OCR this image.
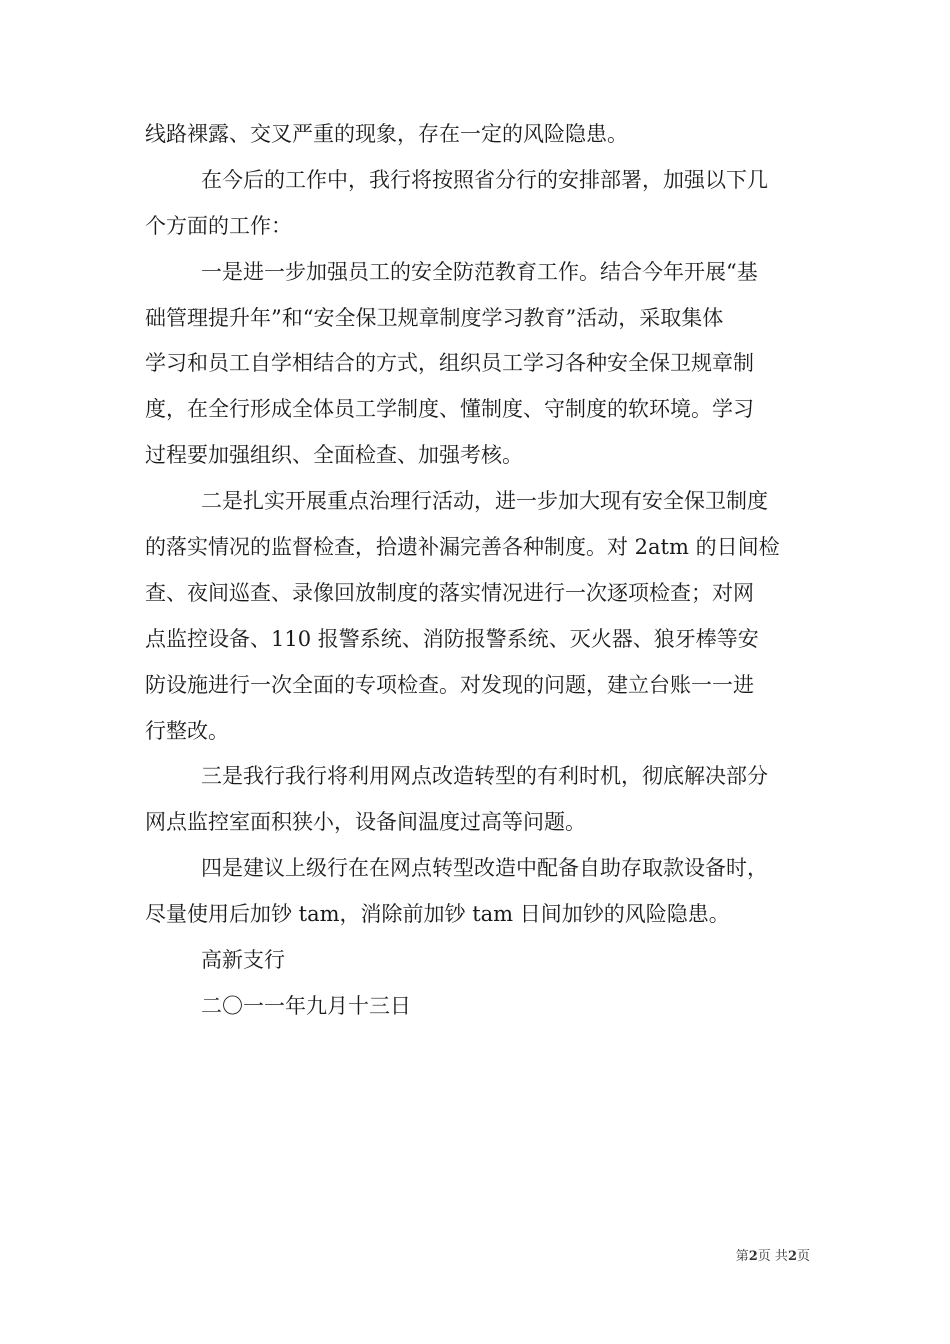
线路裸露、交叉严重的现象，存在一定的风险隐患。
在今后的工作中，我行将按照省分行的安排部署，加强以下几
个方面的工作：
一是进一步加强员工的安全防范教育工作。结合今年开展“基
础管理提升年”和“安全保卫规章制度学习教育”活动，采取集体
学习和员工自学相结合的方式，组织员工学习各种安全保卫规章制
度，在全行形成全体员工学制度、懂制度、守制度的软环境。学习
过程要加强组织、全面检查、加强考核。
二是扎实开展重点治理行活动，进一步加大现有安全保卫制度
的落实情况的监督检查，拾遗补漏完善各种制度。对 2atm 的日间检
查、夜间巡查、录像回放制度的落实情况进行一次逐项检查；对网
点监控设备、110 报警系统、消防报警系统、灭火器、狼牙棒等安
防设施进行一次全面的专项检查。对发现的问题，建立台账一一进
行整改。
三是我行我行将利用网点改造转型的有利时机，彻底解决部分
网点监控室面积狭小，设备间温度过高等问题。
四是建议上级行在在网点转型改造中配备自助存取款设备时，
尽量使用后加钞 tam，消除前加钞 tam 日间加钞的风险隐患。
高新支行
二〇一一年九月十三日
第2页 共2页
